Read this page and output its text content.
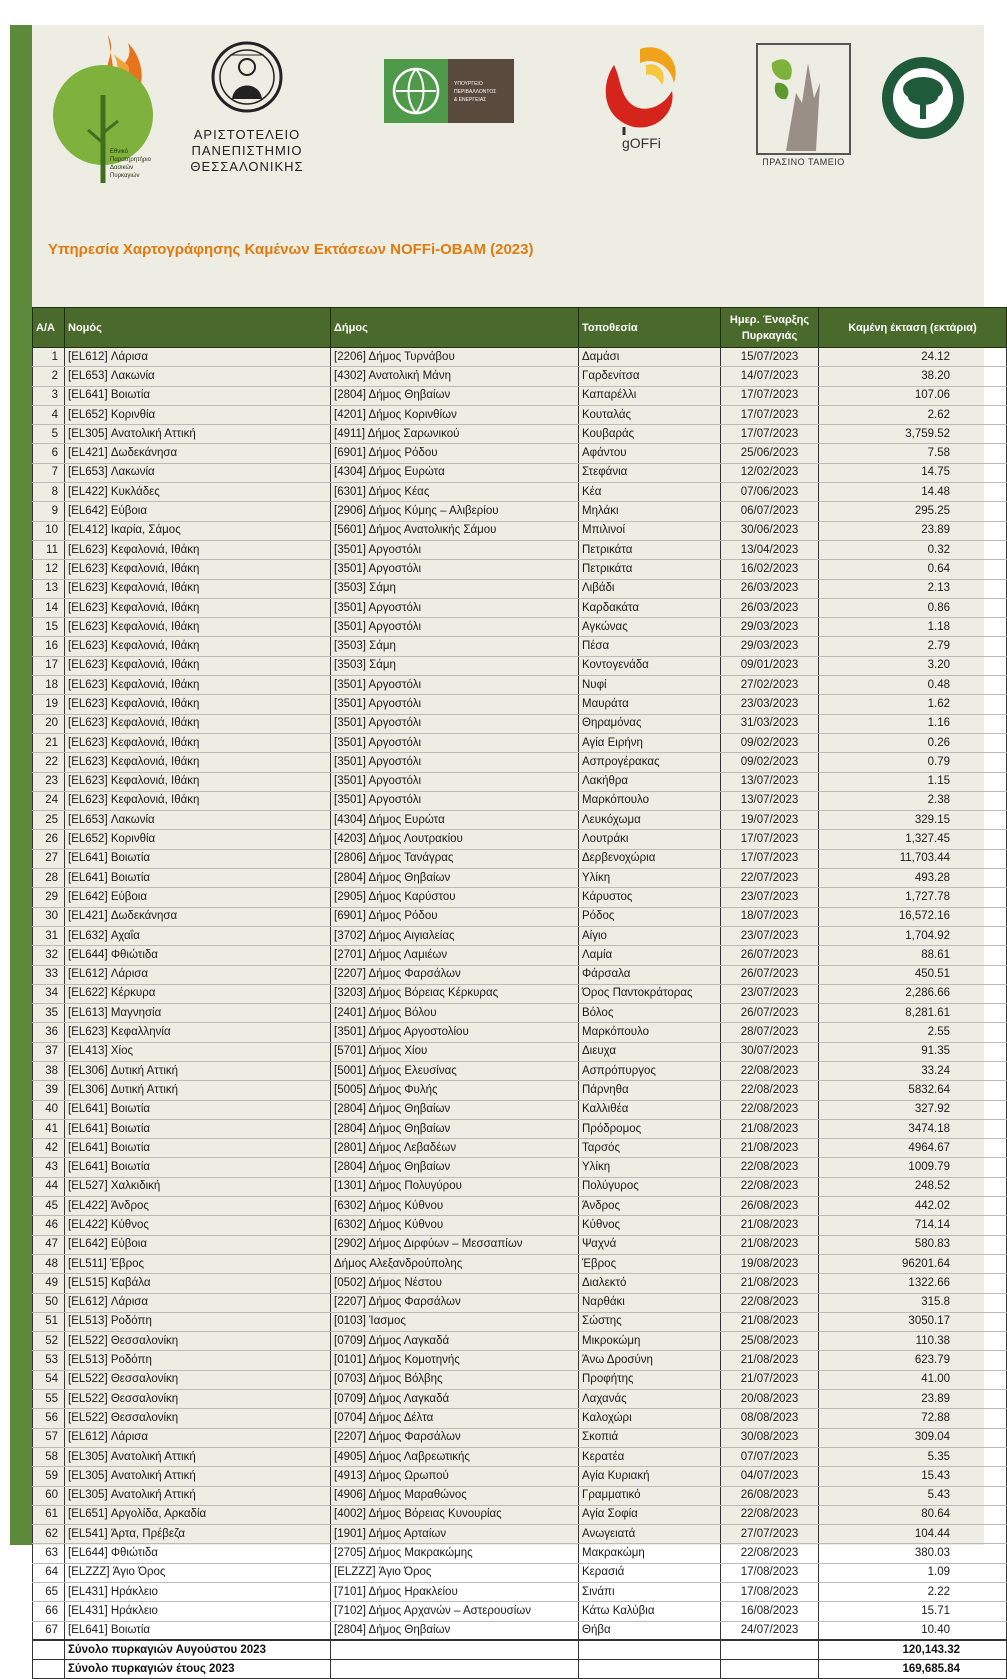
Εθνικό
Παρατηρητήριο
Δασικών
Πυρκαγιών
ΑΡΙΣΤΟΤΕΛΕΙΟ
ΠΑΝΕΠΙΣΤΗΜΙΟ
ΘΕΣΣΑΛΟΝΙΚΗΣ
ΥΠΟΥΡΓΕΙΟ
ΠΕΡΙΒΑΛΛΟΝΤΟΣ
& ΕΝΕΡΓΕΙΑΣ
gOFFi
ΠΡΑΣΙΝΟ ΤΑΜΕΙΟ
Υπηρεσία Χαρτογράφησης Καμένων Εκτάσεων NOFFi-OBAM (2023)
Α/Α	Νομός	Δήμος	Τοποθεσία	Ημερ. Έναρξης Πυρκαγιάς	Καμένη έκταση (εκτάρια)
1	[EL612] Λάρισα	[2206] Δήμος Τυρνάβου	Δαμάσι	15/07/2023	24.12
2	[EL653] Λακωνία	[4302] Ανατολική Μάνη	Γαρδενίτσα	14/07/2023	38.20
3	[EL641] Βοιωτία	[2804] Δήμος Θηβαίων	Καπαρέλλι	17/07/2023	107.06
4	[EL652] Κορινθία	[4201] Δήμος Κορινθίων	Κουταλάς	17/07/2023	2.62
5	[EL305] Ανατολική Αττική	[4911] Δήμος Σαρωνικού	Κουβαράς	17/07/2023	3,759.52
6	[EL421] Δωδεκάνησα	[6901] Δήμος Ρόδου	Αφάντου	25/06/2023	7.58
7	[EL653] Λακωνία	[4304] Δήμος Ευρώτα	Στεφάνια	12/02/2023	14.75
8	[EL422] Κυκλάδες	[6301] Δήμος Κέας	Κέα	07/06/2023	14.48
9	[EL642] Εύβοια	[2906] Δήμος Κύμης – Αλιβερίου	Μηλάκι	06/07/2023	295.25
10	[EL412] Ικαρία, Σάμος	[5601] Δήμος Ανατολικής Σάμου	Μπιλινοί	30/06/2023	23.89
11	[EL623] Κεφαλονιά, Ιθάκη	[3501] Αργοστόλι	Πετρικάτα	13/04/2023	0.32
12	[EL623] Κεφαλονιά, Ιθάκη	[3501] Αργοστόλι	Πετρικάτα	16/02/2023	0.64
13	[EL623] Κεφαλονιά, Ιθάκη	[3503] Σάμη	Λιβάδι	26/03/2023	2.13
14	[EL623] Κεφαλονιά, Ιθάκη	[3501] Αργοστόλι	Καρδακάτα	26/03/2023	0.86
15	[EL623] Κεφαλονιά, Ιθάκη	[3501] Αργοστόλι	Αγκώνας	29/03/2023	1.18
16	[EL623] Κεφαλονιά, Ιθάκη	[3503] Σάμη	Πέσα	29/03/2023	2.79
17	[EL623] Κεφαλονιά, Ιθάκη	[3503] Σάμη	Κοντογενάδα	09/01/2023	3.20
18	[EL623] Κεφαλονιά, Ιθάκη	[3501] Αργοστόλι	Νυφί	27/02/2023	0.48
19	[EL623] Κεφαλονιά, Ιθάκη	[3501] Αργοστόλι	Μαυράτα	23/03/2023	1.62
20	[EL623] Κεφαλονιά, Ιθάκη	[3501] Αργοστόλι	Θηραμόνας	31/03/2023	1.16
21	[EL623] Κεφαλονιά, Ιθάκη	[3501] Αργοστόλι	Αγία Ειρήνη	09/02/2023	0.26
22	[EL623] Κεφαλονιά, Ιθάκη	[3501] Αργοστόλι	Ασπρογέρακας	09/02/2023	0.79
23	[EL623] Κεφαλονιά, Ιθάκη	[3501] Αργοστόλι	Λακήθρα	13/07/2023	1.15
24	[EL623] Κεφαλονιά, Ιθάκη	[3501] Αργοστόλι	Μαρκόπουλο	13/07/2023	2.38
25	[EL653] Λακωνία	[4304] Δήμος Ευρώτα	Λευκόχωμα	19/07/2023	329.15
26	[EL652] Κορινθία	[4203] Δήμος Λουτρακίου	Λουτράκι	17/07/2023	1,327.45
27	[EL641] Βοιωτία	[2806] Δήμος Τανάγρας	Δερβενοχώρια	17/07/2023	11,703.44
28	[EL641] Βοιωτία	[2804] Δήμος Θηβαίων	Υλίκη	22/07/2023	493.28
29	[EL642] Εύβοια	[2905] Δήμος Καρύστου	Κάρυστος	23/07/2023	1,727.78
30	[EL421] Δωδεκάνησα	[6901] Δήμος Ρόδου	Ρόδος	18/07/2023	16,572.16
31	[EL632] Αχαΐα	[3702] Δήμος Αιγιαλείας	Αίγιο	23/07/2023	1,704.92
32	[EL644] Φθιώτιδα	[2701] Δήμος Λαμιέων	Λαμία	26/07/2023	88.61
33	[EL612] Λάρισα	[2207] Δήμος Φαρσάλων	Φάρσαλα	26/07/2023	450.51
34	[EL622] Κέρκυρα	[3203] Δήμος Βόρειας Κέρκυρας	Όρος Παντοκράτορας	23/07/2023	2,286.66
35	[EL613] Μαγνησία	[2401] Δήμος Βόλου	Βόλος	26/07/2023	8,281.61
36	[EL623] Κεφαλληνία	[3501] Δήμος Αργοστολίου	Μαρκόπουλο	28/07/2023	2.55
37	[EL413] Χίος	[5701] Δήμος Χίου	Διευχα	30/07/2023	91.35
38	[EL306] Δυτική Αττική	[5001] Δήμος Ελευσίνας	Ασπρόπυργος	22/08/2023	33.24
39	[EL306] Δυτική Αττική	[5005] Δήμος Φυλής	Πάρνηθα	22/08/2023	5832.64
40	[EL641] Βοιωτία	[2804] Δήμος Θηβαίων	Καλλιθέα	22/08/2023	327.92
41	[EL641] Βοιωτία	[2804] Δήμος Θηβαίων	Πρόδρομος	21/08/2023	3474.18
42	[EL641] Βοιωτία	[2801] Δήμος Λεβαδέων	Ταρσός	21/08/2023	4964.67
43	[EL641] Βοιωτία	[2804] Δήμος Θηβαίων	Υλίκη	22/08/2023	1009.79
44	[EL527] Χαλκιδική	[1301] Δήμος Πολυγύρου	Πολύγυρος	22/08/2023	248.52
45	[EL422] Άνδρος	[6302] Δήμος Κύθνου	Άνδρος	26/08/2023	442.02
46	[EL422] Κύθνος	[6302] Δήμος Κύθνου	Κύθνος	21/08/2023	714.14
47	[EL642] Εύβοια	[2902] Δήμος Διρφύων – Μεσσαπίων	Ψαχνά	21/08/2023	580.83
48	[EL511] Έβρος	Δήμος Αλεξανδρούπολης	Έβρος	19/08/2023	96201.64
49	[EL515] Καβάλα	[0502] Δήμος Νέστου	Διαλεκτό	21/08/2023	1322.66
50	[EL612] Λάρισα	[2207] Δήμος Φαρσάλων	Ναρθάκι	22/08/2023	315.8
51	[EL513] Ροδόπη	[0103] Ίασμος	Σώστης	21/08/2023	3050.17
52	[EL522] Θεσσαλονίκη	[0709] Δήμος Λαγκαδά	Μικροκώμη	25/08/2023	110.38
53	[EL513] Ροδόπη	[0101] Δήμος Κομοτηνής	Άνω Δροσύνη	21/08/2023	623.79
54	[EL522] Θεσσαλονίκη	[0703] Δήμος Βόλβης	Προφήτης	21/07/2023	41.00
55	[EL522] Θεσσαλονίκη	[0709] Δήμος Λαγκαδά	Λαχανάς	20/08/2023	23.89
56	[EL522] Θεσσαλονίκη	[0704] Δήμος Δέλτα	Καλοχώρι	08/08/2023	72.88
57	[EL612] Λάρισα	[2207] Δήμος Φαρσάλων	Σκοπιά	30/08/2023	309.04
58	[EL305] Ανατολική Αττική	[4905] Δήμος Λαβρεωτικής	Κερατέα	07/07/2023	5.35
59	[EL305] Ανατολική Αττική	[4913] Δήμος Ωρωπού	Αγία Κυριακή	04/07/2023	15.43
60	[EL305] Ανατολική Αττική	[4906] Δήμος Μαραθώνος	Γραμματικό	26/08/2023	5.43
61	[EL651] Αργολίδα, Αρκαδία	[4002] Δήμος Βόρειας Κυνουρίας	Αγία Σοφία	22/08/2023	80.64
62	[EL541] Άρτα, Πρέβεζα	[1901] Δήμος Αρταίων	Ανωγειατά	27/07/2023	104.44
63	[EL644] Φθιώτιδα	[2705] Δήμος Μακρακώμης	Μακρακώμη	22/08/2023	380.03
64	[ELZZZ] Άγιο Όρος	[ELZZZ] Άγιο Όρος	Κερασιά	17/08/2023	1.09
65	[EL431] Ηράκλειο	[7101] Δήμος Ηρακλείου	Σινάπι	17/08/2023	2.22
66	[EL431] Ηράκλειο	[7102] Δήμος Αρχανών – Αστερουσίων	Κάτω Καλύβια	16/08/2023	15.71
67	[EL641] Βοιωτία	[2804] Δήμος Θηβαίων	Θήβα	24/07/2023	10.40
	Σύνολο πυρκαγιών Αυγούστου 2023				120,143.32
	Σύνολο πυρκαγιών έτους 2023				169,685.84
